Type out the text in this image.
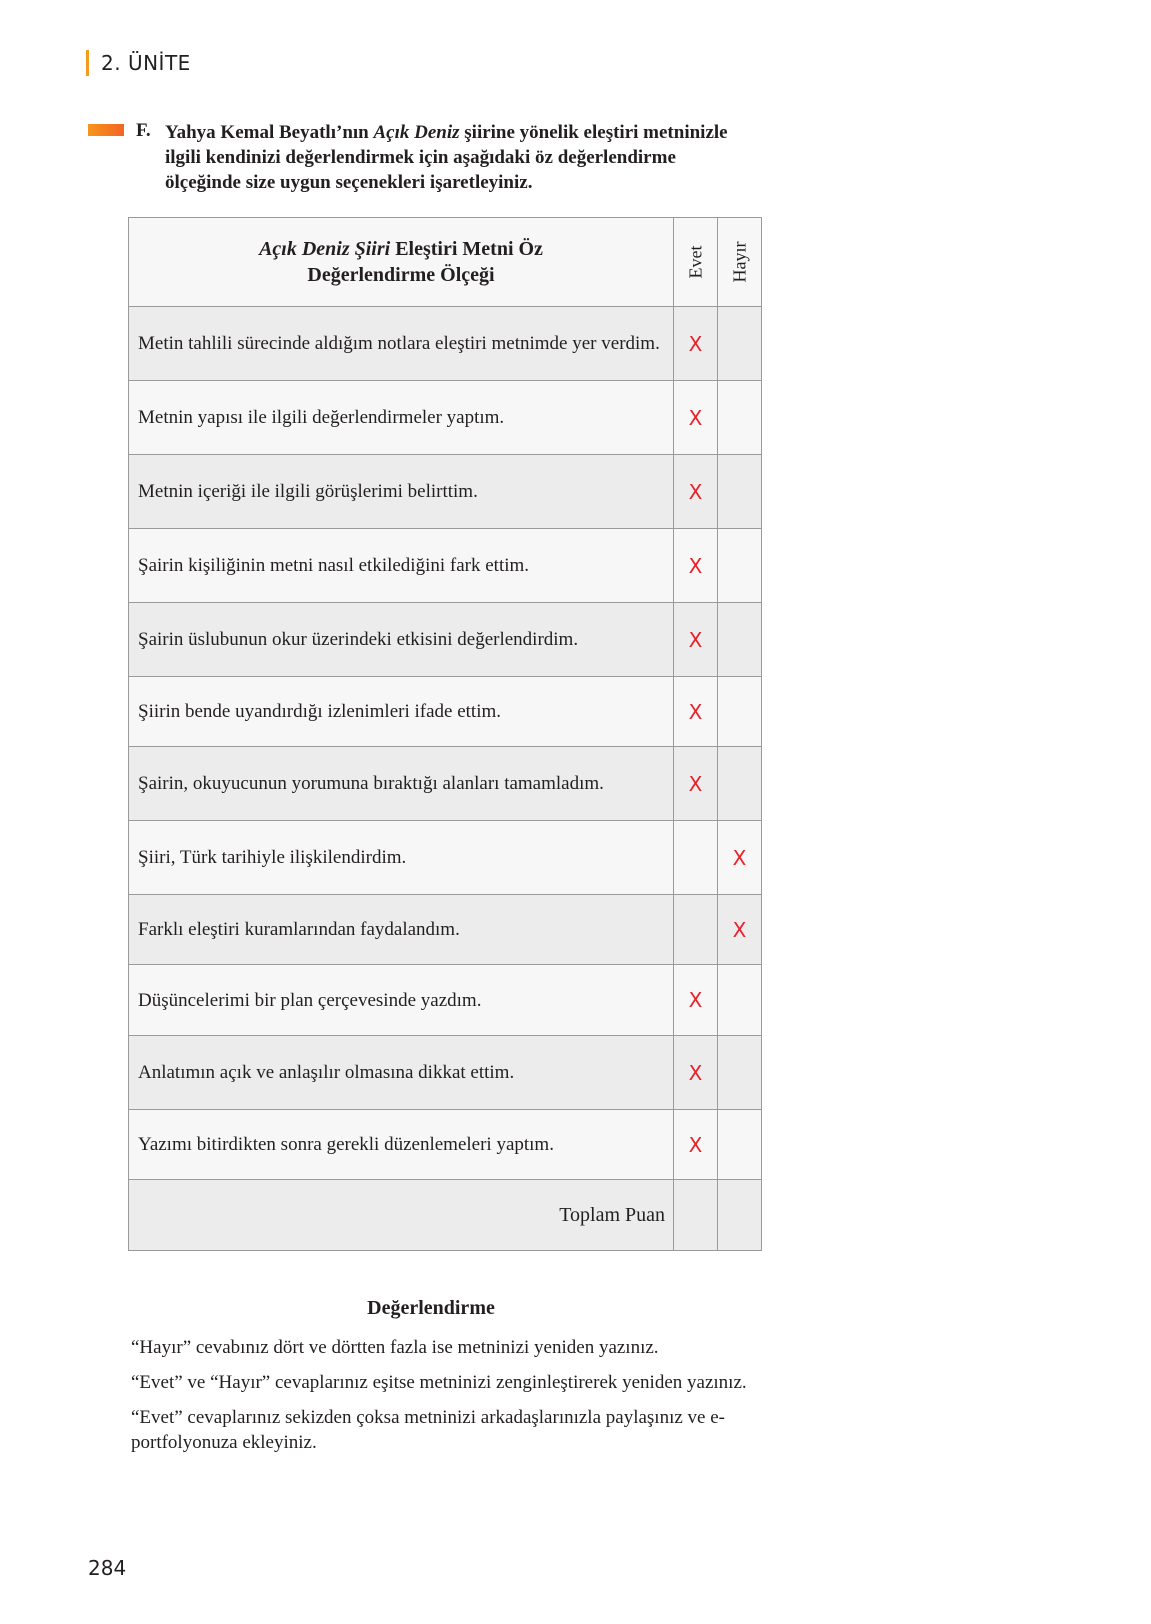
2. ÜNİTE
F. Yahya Kemal Beyatlı’nın Açık Deniz şiirine yönelik eleştiri metninizle ilgili kendinizi değerlendirmek için aşağıdaki öz değerlendirme ölçeğinde size uygun seçenekleri işaretleyiniz.
Açık Deniz Şiiri Eleştiri Metni Öz
Değerlendirme Ölçeği	Evet	Hayır

Metin tahlili sürecinde aldığım notlara eleştiri metnimde yer verdim.	X	
Metnin yapısı ile ilgili değerlendirmeler yaptım.	X	
Metnin içeriği ile ilgili görüşlerimi belirttim.	X	
Şairin kişiliğinin metni nasıl etkilediğini fark ettim.	X	
Şairin üslubunun okur üzerindeki etkisini değerlendirdim.	X	
Şiirin bende uyandırdığı izlenimleri ifade ettim.	X	
Şairin, okuyucunun yorumuna bıraktığı alanları tamamladım.	X	
Şiiri, Türk tarihiyle ilişkilendirdim.		X
Farklı eleştiri kuramlarından faydalandım.		X
Düşüncelerimi bir plan çerçevesinde yazdım.	X	
Anlatımın açık ve anlaşılır olmasına dikkat ettim.	X	
Yazımı bitirdikten sonra gerekli düzenlemeleri yaptım.	X	
Toplam Puan		
Değerlendirme

“Hayır” cevabınız dört ve dörtten fazla ise metninizi yeniden yazınız.

“Evet” ve “Hayır” cevaplarınız eşitse metninizi zenginleştirerek yeniden yazınız.

“Evet” cevaplarınız sekizden çoksa metninizi arkadaşlarınızla paylaşınız ve e-portfolyonuza ekleyiniz.

284
